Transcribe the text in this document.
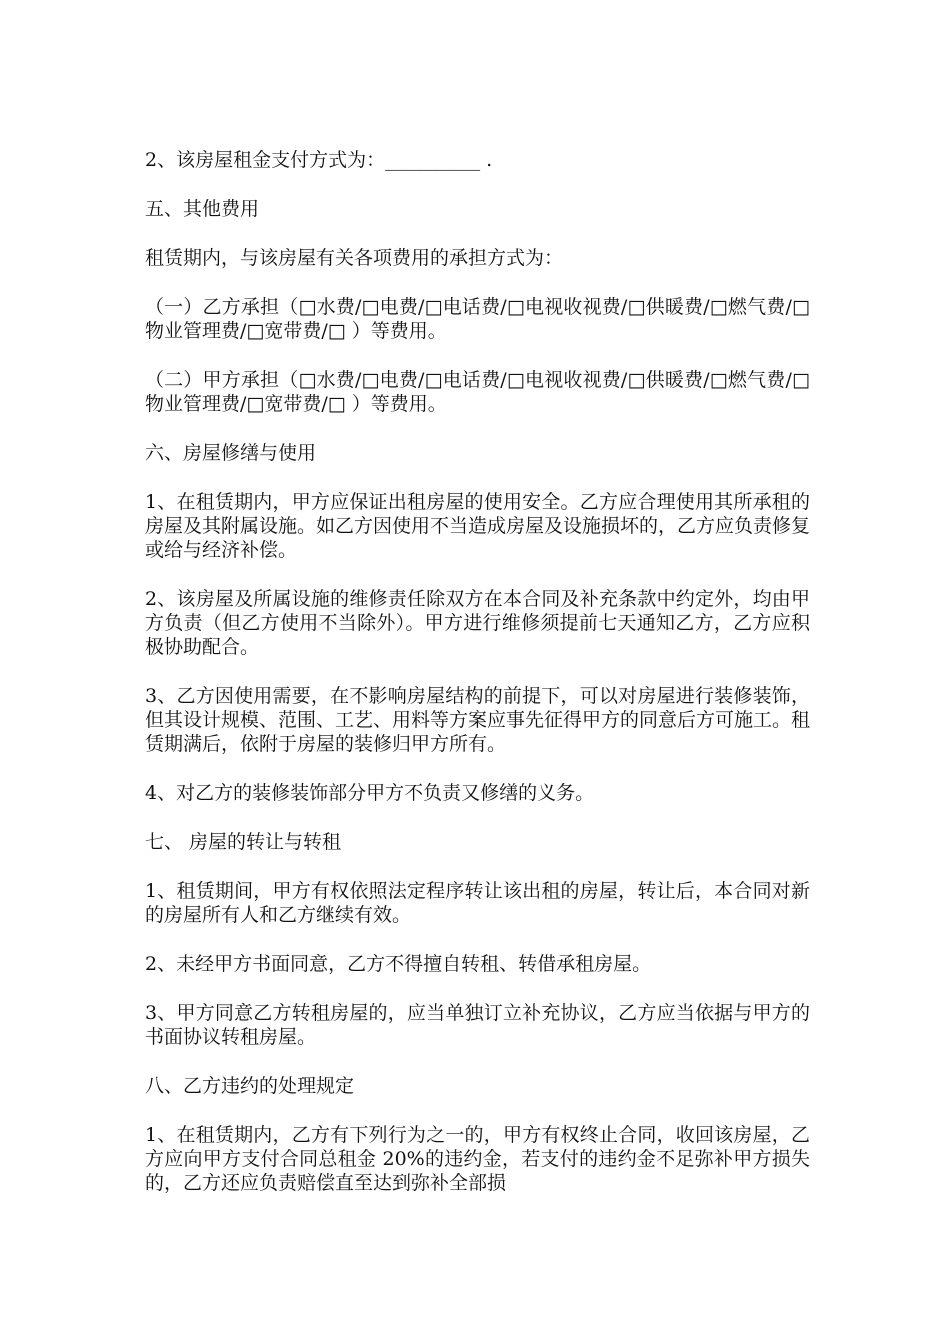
2、该房屋租金支付方式为：__________ .

五、其他费用

租赁期内，与该房屋有关各项费用的承担方式为：

（一）乙方承担（□水费/□电费/□电话费/□电视收视费/□供暖费/□燃气费/□物业管理费/□宽带费/□ ）等费用。

（二）甲方承担（□水费/□电费/□电话费/□电视收视费/□供暖费/□燃气费/□物业管理费/□宽带费/□ ）等费用。

六、房屋修缮与使用

1、在租赁期内，甲方应保证出租房屋的使用安全。乙方应合理使用其所承租的房屋及其附属设施。如乙方因使用不当造成房屋及设施损坏的，乙方应负责修复或给与经济补偿。

2、该房屋及所属设施的维修责任除双方在本合同及补充条款中约定外，均由甲方负责（但乙方使用不当除外）。甲方进行维修须提前七天通知乙方，乙方应积极协助配合。

3、乙方因使用需要，在不影响房屋结构的前提下，可以对房屋进行装修装饰，但其设计规模、范围、工艺、用料等方案应事先征得甲方的同意后方可施工。租赁期满后，依附于房屋的装修归甲方所有。

4、对乙方的装修装饰部分甲方不负责又修缮的义务。

七、 房屋的转让与转租

1、租赁期间，甲方有权依照法定程序转让该出租的房屋，转让后，本合同对新的房屋所有人和乙方继续有效。

2、未经甲方书面同意，乙方不得擅自转租、转借承租房屋。

3、甲方同意乙方转租房屋的，应当单独订立补充协议，乙方应当依据与甲方的书面协议转租房屋。

八、乙方违约的处理规定

1、在租赁期内，乙方有下列行为之一的，甲方有权终止合同，收回该房屋，乙方应向甲方支付合同总租金 20%的违约金，若支付的违约金不足弥补甲方损失的，乙方还应负责赔偿直至达到弥补全部损
